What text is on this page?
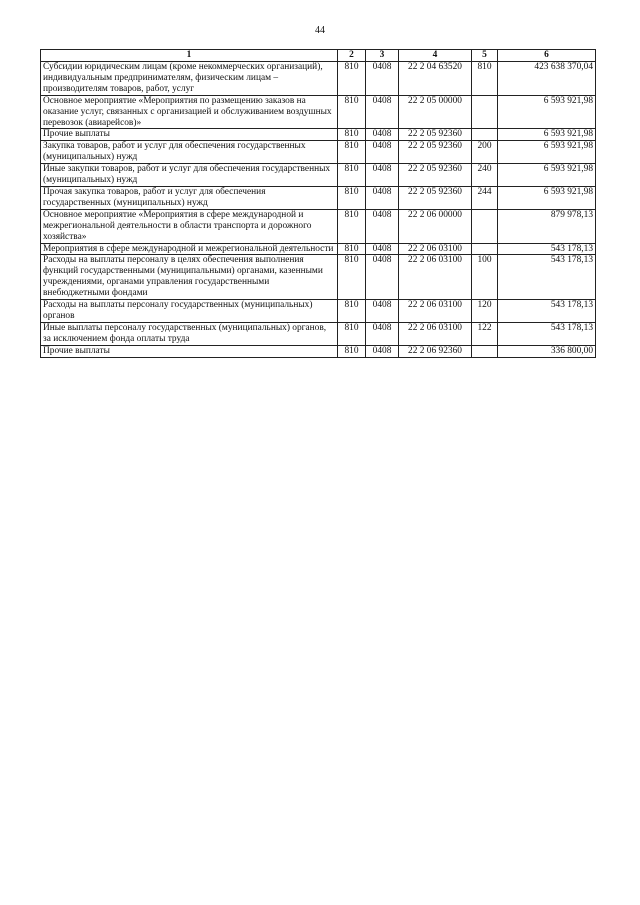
44
1	2	3	4	5	6
Субсидии юридическим лицам (кроме некоммерческих организаций), индивидуальным предпринимателям, физическим лицам – производителям товаров, работ, услуг	810	0408	22 2 04 63520	810	423 638 370,04
Основное мероприятие «Мероприятия по размещению заказов на оказание услуг, связанных с организацией и обслуживанием воздушных перевозок (авиарейсов)»	810	0408	22 2 05 00000		6 593 921,98
Прочие выплаты	810	0408	22 2 05 92360		6 593 921,98
Закупка товаров, работ и услуг для обеспечения государственных (муниципальных) нужд	810	0408	22 2 05 92360	200	6 593 921,98
Иные закупки товаров, работ и услуг для обеспечения государственных (муниципальных) нужд	810	0408	22 2 05 92360	240	6 593 921,98
Прочая закупка товаров, работ и услуг для обеспечения государственных (муниципальных) нужд	810	0408	22 2 05 92360	244	6 593 921,98
Основное мероприятие «Мероприятия в сфере международной и межрегиональной деятельности в области транспорта и дорожного хозяйства»	810	0408	22 2 06 00000		879 978,13
Мероприятия в сфере международной и межрегиональной деятельности	810	0408	22 2 06 03100		543 178,13
Расходы на выплаты персоналу в целях обеспечения выполнения функций государственными (муниципальными) органами, казенными учреждениями, органами управления государственными внебюджетными фондами	810	0408	22 2 06 03100	100	543 178,13
Расходы на выплаты персоналу государственных (муниципальных) органов	810	0408	22 2 06 03100	120	543 178,13
Иные выплаты персоналу государственных (муниципальных) органов, за исключением фонда оплаты труда	810	0408	22 2 06 03100	122	543 178,13
Прочие выплаты	810	0408	22 2 06 92360		336 800,00
